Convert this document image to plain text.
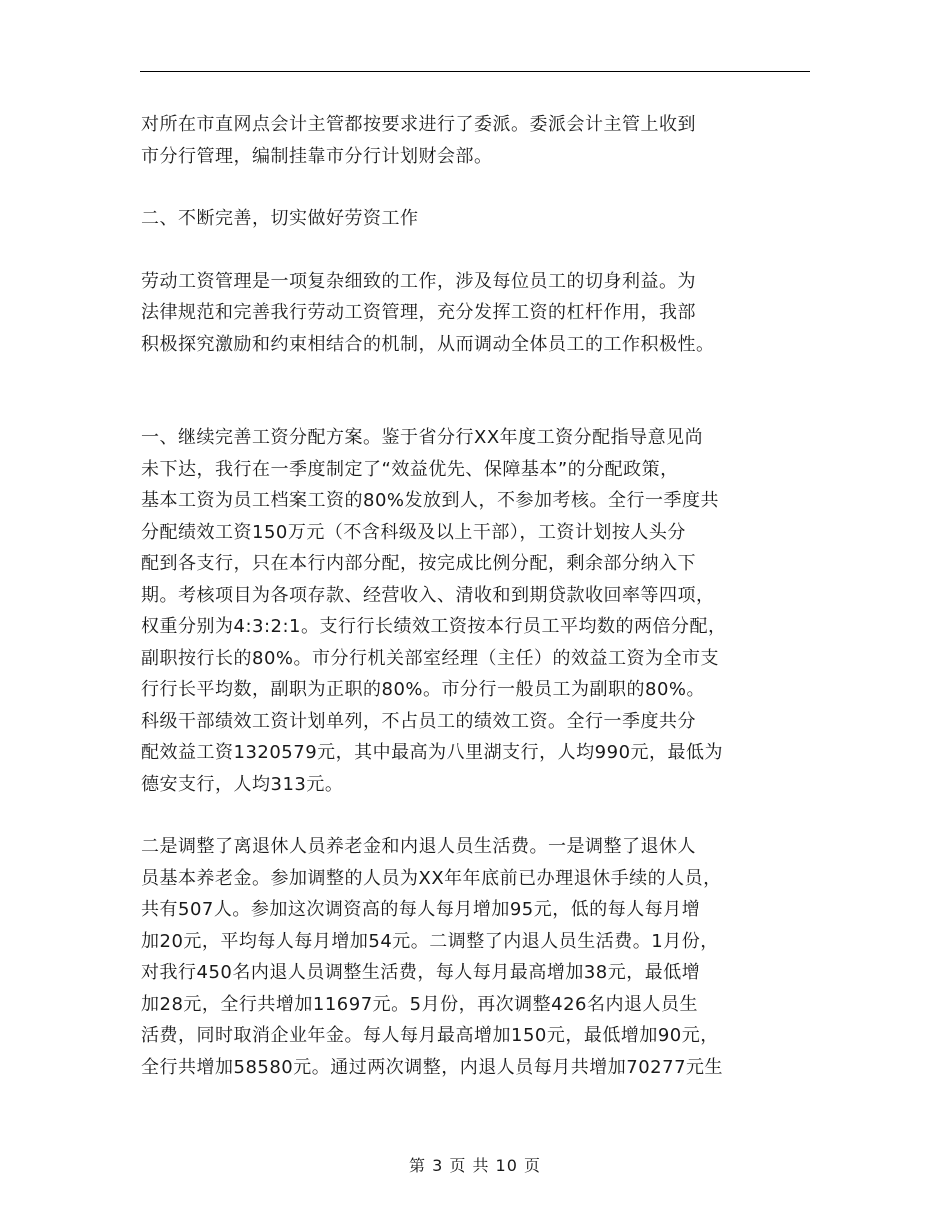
对所在市直网点会计主管都按要求进行了委派。委派会计主管上收到
市分行管理，编制挂靠市分行计划财会部。

二、不断完善，切实做好劳资工作

劳动工资管理是一项复杂细致的工作，涉及每位员工的切身利益。为
法律规范和完善我行劳动工资管理，充分发挥工资的杠杆作用，我部
积极探究激励和约束相结合的机制，从而调动全体员工的工作积极性。

一、继续完善工资分配方案。鉴于省分行XX年度工资分配指导意见尚
未下达，我行在一季度制定了“效益优先、保障基本”的分配政策，
基本工资为员工档案工资的80%发放到人，不参加考核。全行一季度共
分配绩效工资150万元（不含科级及以上干部），工资计划按人头分
配到各支行，只在本行内部分配，按完成比例分配，剩余部分纳入下
期。考核项目为各项存款、经营收入、清收和到期贷款收回率等四项，
权重分别为4:3:2:1。支行行长绩效工资按本行员工平均数的两倍分配，
副职按行长的80%。市分行机关部室经理（主任）的效益工资为全市支
行行长平均数，副职为正职的80%。市分行一般员工为副职的80%。
科级干部绩效工资计划单列，不占员工的绩效工资。全行一季度共分
配效益工资1320579元，其中最高为八里湖支行，人均990元，最低为
德安支行，人均313元。

二是调整了离退休人员养老金和内退人员生活费。一是调整了退休人
员基本养老金。参加调整的人员为XX年年底前已办理退休手续的人员，
共有507人。参加这次调资高的每人每月增加95元，低的每人每月增
加20元，平均每人每月增加54元。二调整了内退人员生活费。1月份，
对我行450名内退人员调整生活费，每人每月最高增加38元，最低增
加28元，全行共增加11697元。5月份，再次调整426名内退人员生
活费，同时取消企业年金。每人每月最高增加150元，最低增加90元，
全行共增加58580元。通过两次调整，内退人员每月共增加70277元生

第 3 页 共 10 页
